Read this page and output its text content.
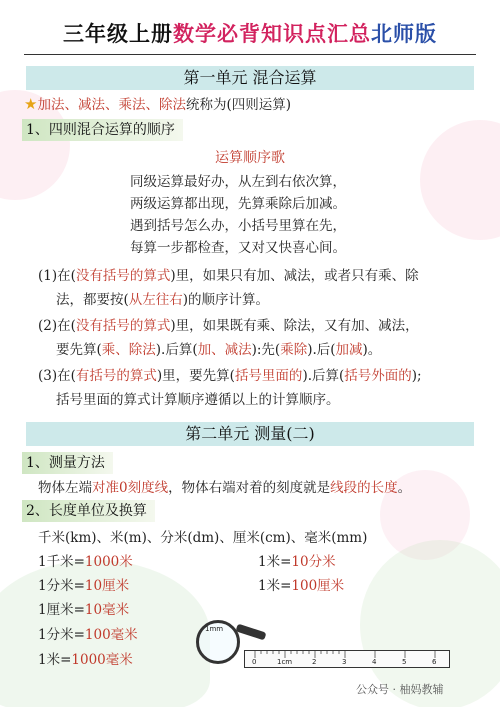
三年级上册数学必背知识点汇总北师版
第一单元 混合运算
★加法、减法、乘法、除法统称为(四则运算)
1、四则混合运算的顺序
运算顺序歌
同级运算最好办，从左到右依次算，
两级运算都出现，先算乘除后加减。
遇到括号怎么办，小括号里算在先，
每算一步都检查，又对又快喜心间。
(1)在(没有括号的算式)里，如果只有加、减法，或者只有乘、除
法，都要按(从左往右)的顺序计算。
(2)在(没有括号的算式)里，如果既有乘、除法，又有加、减法，
要先算(乘、除法).后算(加、减法):先(乘除).后(加减)。
(3)在(有括号的算式)里，要先算(括号里面的).后算(括号外面的);
括号里面的算式计算顺序遵循以上的计算顺序。
第二单元 测量(二)
1、测量方法
物体左端对准0刻度线，物体右端对着的刻度就是线段的长度。
2、长度单位及换算
千米(km)、米(m)、分米(dm)、厘米(cm)、毫米(mm)
1千米=1000米	1米=10分米
1分米=10厘米	1米=100厘米
1厘米=10毫米
1分米=100毫米
1米=1000毫米
1mm
0	1cm	2	3	4	5	6
公众号 · 柚妈教辅
